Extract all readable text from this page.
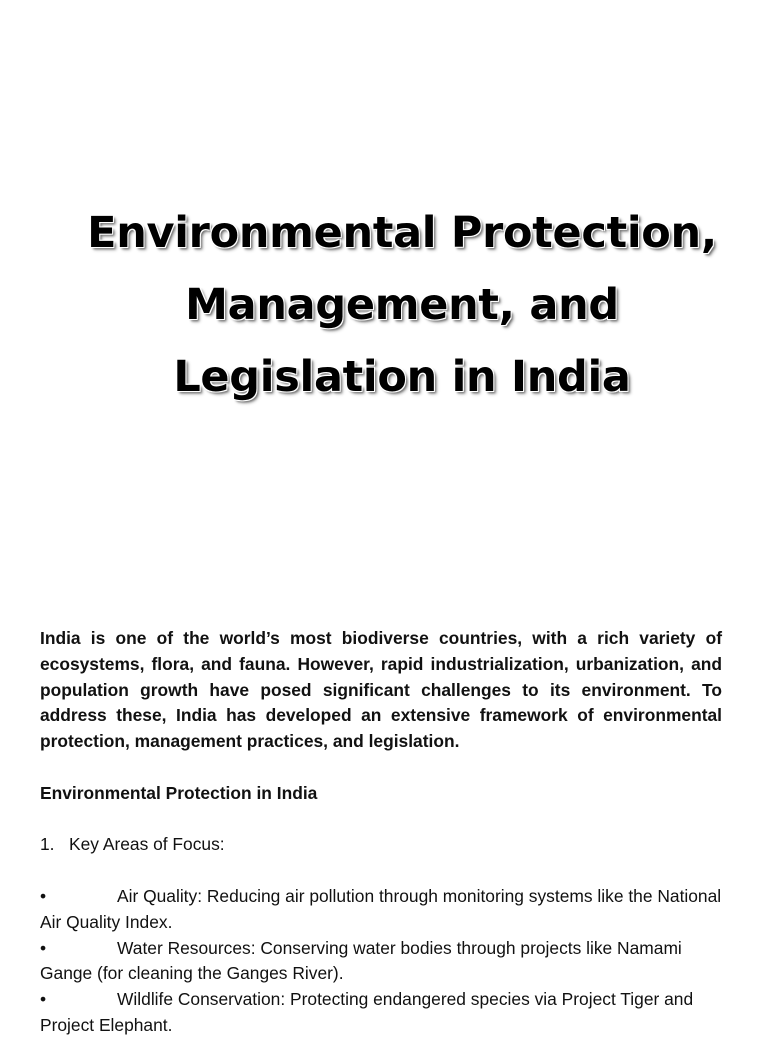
Environmental Protection,
Management, and
Legislation in India

India is one of the world’s most biodiverse countries, with a rich variety of ecosystems, flora, and fauna. However, rapid industrialization, urbanization, and population growth have posed significant challenges to its environment. To address these, India has developed an extensive framework of environmental protection, management practices, and legislation.

Environmental Protection in India

1. Key Areas of Focus:
•	Air Quality: Reducing air pollution through monitoring systems like the National Air Quality Index.
•	Water Resources: Conserving water bodies through projects like Namami Gange (for cleaning the Ganges River).
•	Wildlife Conservation: Protecting endangered species via Project Tiger and Project Elephant.
